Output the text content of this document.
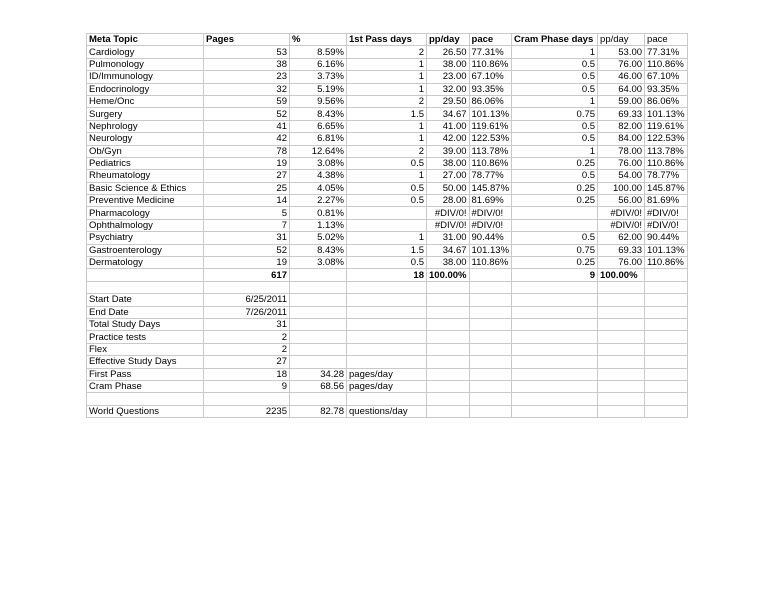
Meta Topic	Pages	%	1st Pass days	pp/day	pace	Cram Phase days	pp/day	pace
Cardiology	53	8.59%	2	26.50	77.31%	1	53.00	77.31%
Pulmonology	38	6.16%	1	38.00	110.86%	0.5	76.00	110.86%
ID/Immunology	23	3.73%	1	23.00	67.10%	0.5	46.00	67.10%
Endocrinology	32	5.19%	1	32.00	93.35%	0.5	64.00	93.35%
Heme/Onc	59	9.56%	2	29.50	86.06%	1	59.00	86.06%
Surgery	52	8.43%	1.5	34.67	101.13%	0.75	69.33	101.13%
Nephrology	41	6.65%	1	41.00	119.61%	0.5	82.00	119.61%
Neurology	42	6.81%	1	42.00	122.53%	0.5	84.00	122.53%
Ob/Gyn	78	12.64%	2	39.00	113.78%	1	78.00	113.78%
Pediatrics	19	3.08%	0.5	38.00	110.86%	0.25	76.00	110.86%
Rheumatology	27	4.38%	1	27.00	78.77%	0.5	54.00	78.77%
Basic Science & Ethics	25	4.05%	0.5	50.00	145.87%	0.25	100.00	145.87%
Preventive Medicine	14	2.27%	0.5	28.00	81.69%	0.25	56.00	81.69%
Pharmacology	5	0.81%		#DIV/0!	#DIV/0!		#DIV/0!	#DIV/0!
Ophthalmology	7	1.13%		#DIV/0!	#DIV/0!		#DIV/0!	#DIV/0!
Psychiatry	31	5.02%	1	31.00	90.44%	0.5	62.00	90.44%
Gastroenterology	52	8.43%	1.5	34.67	101.13%	0.75	69.33	101.13%
Dermatology	19	3.08%	0.5	38.00	110.86%	0.25	76.00	110.86%
	617		18	100.00%		9	100.00%	

Start Date	6/25/2011							
End Date	7/26/2011							
Total Study Days	31							
Practice tests	2							
Flex	2							
Effective Study Days	27							
First Pass	18	34.28	pages/day					
Cram Phase	9	68.56	pages/day					

World Questions	2235	82.78	questions/day					
